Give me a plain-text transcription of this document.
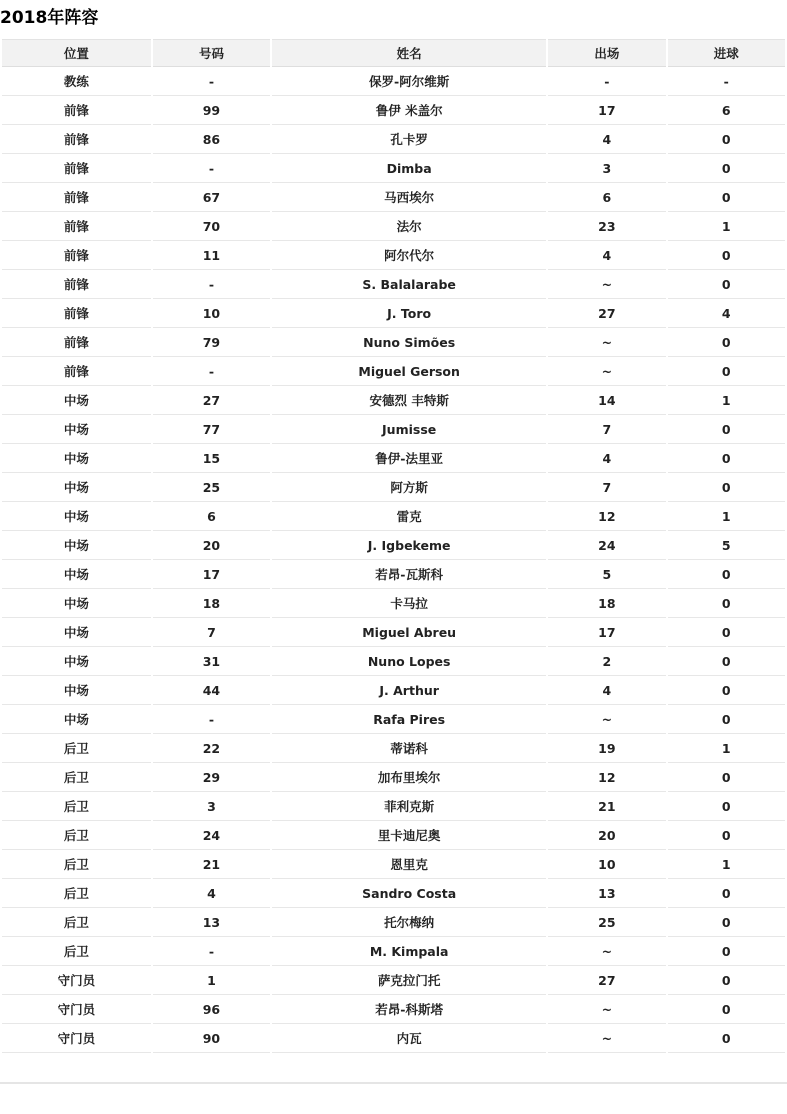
2018年阵容
位置	号码	姓名	出场	进球
教练	-	保罗-阿尔维斯	-	-
前锋	99	鲁伊 米盖尔	17	6
前锋	86	孔卡罗	4	0
前锋	-	Dimba	3	0
前锋	67	马西埃尔	6	0
前锋	70	法尔	23	1
前锋	11	阿尔代尔	4	0
前锋	-	S. Balalarabe	~	0
前锋	10	J. Toro	27	4
前锋	79	Nuno Simões	~	0
前锋	-	Miguel Gerson	~	0
中场	27	安德烈 丰特斯	14	1
中场	77	Jumisse	7	0
中场	15	鲁伊-法里亚	4	0
中场	25	阿方斯	7	0
中场	6	雷克	12	1
中场	20	J. Igbekeme	24	5
中场	17	若昂-瓦斯科	5	0
中场	18	卡马拉	18	0
中场	7	Miguel Abreu	17	0
中场	31	Nuno Lopes	2	0
中场	44	J. Arthur	4	0
中场	-	Rafa Pires	~	0
后卫	22	蒂诺科	19	1
后卫	29	加布里埃尔	12	0
后卫	3	菲利克斯	21	0
后卫	24	里卡迪尼奥	20	0
后卫	21	恩里克	10	1
后卫	4	Sandro Costa	13	0
后卫	13	托尔梅纳	25	0
后卫	-	M. Kimpala	~	0
守门员	1	萨克拉门托	27	0
守门员	96	若昂-科斯塔	~	0
守门员	90	内瓦	~	0
